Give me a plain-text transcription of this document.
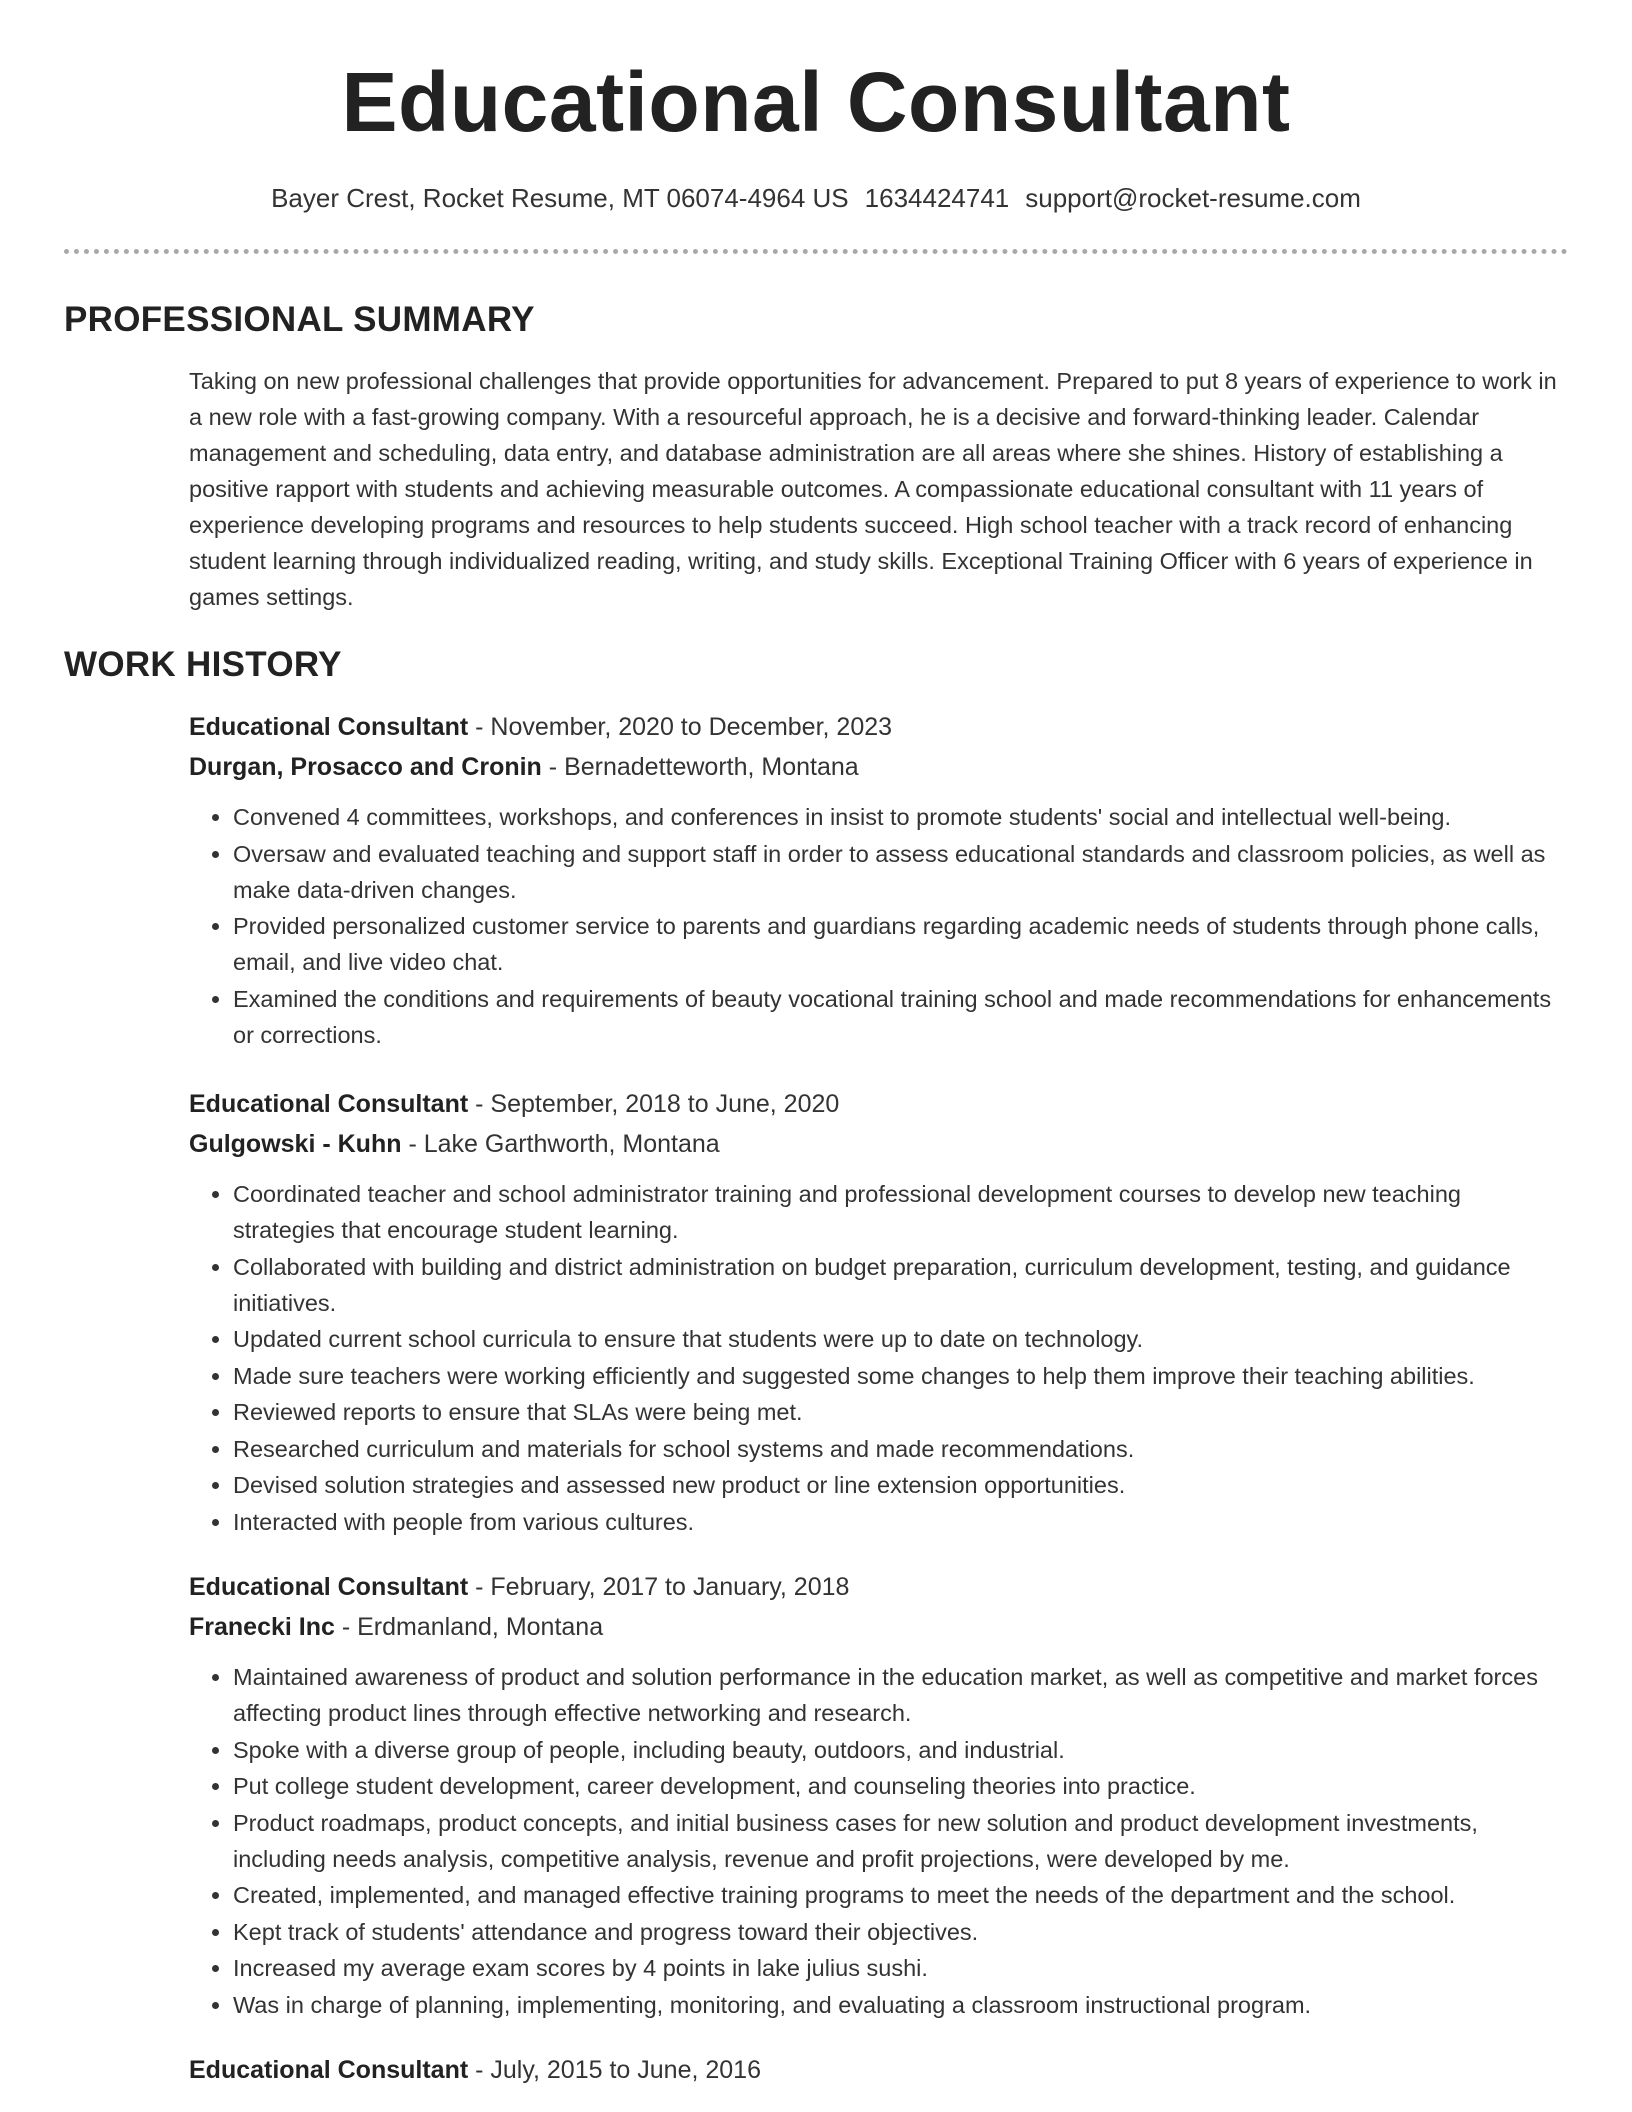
Educational Consultant
Bayer Crest, Rocket Resume, MT 06074-4964 US 1634424741 support@rocket-resume.com
PROFESSIONAL SUMMARY
Taking on new professional challenges that provide opportunities for advancement. Prepared to put 8 years of experience to work in a new role with a fast-growing company. With a resourceful approach, he is a decisive and forward-thinking leader. Calendar management and scheduling, data entry, and database administration are all areas where she shines. History of establishing a positive rapport with students and achieving measurable outcomes. A compassionate educational consultant with 11 years of experience developing programs and resources to help students succeed. High school teacher with a track record of enhancing student learning through individualized reading, writing, and study skills. Exceptional Training Officer with 6 years of experience in games settings.
WORK HISTORY
Educational Consultant - November, 2020 to December, 2023
Durgan, Prosacco and Cronin - Bernadetteworth, Montana
• Convened 4 committees, workshops, and conferences in insist to promote students' social and intellectual well-being.
• Oversaw and evaluated teaching and support staff in order to assess educational standards and classroom policies, as well as make data-driven changes.
• Provided personalized customer service to parents and guardians regarding academic needs of students through phone calls, email, and live video chat.
• Examined the conditions and requirements of beauty vocational training school and made recommendations for enhancements or corrections.
Educational Consultant - September, 2018 to June, 2020
Gulgowski - Kuhn - Lake Garthworth, Montana
• Coordinated teacher and school administrator training and professional development courses to develop new teaching strategies that encourage student learning.
• Collaborated with building and district administration on budget preparation, curriculum development, testing, and guidance initiatives.
• Updated current school curricula to ensure that students were up to date on technology.
• Made sure teachers were working efficiently and suggested some changes to help them improve their teaching abilities.
• Reviewed reports to ensure that SLAs were being met.
• Researched curriculum and materials for school systems and made recommendations.
• Devised solution strategies and assessed new product or line extension opportunities.
• Interacted with people from various cultures.
Educational Consultant - February, 2017 to January, 2018
Franecki Inc - Erdmanland, Montana
• Maintained awareness of product and solution performance in the education market, as well as competitive and market forces affecting product lines through effective networking and research.
• Spoke with a diverse group of people, including beauty, outdoors, and industrial.
• Put college student development, career development, and counseling theories into practice.
• Product roadmaps, product concepts, and initial business cases for new solution and product development investments, including needs analysis, competitive analysis, revenue and profit projections, were developed by me.
• Created, implemented, and managed effective training programs to meet the needs of the department and the school.
• Kept track of students' attendance and progress toward their objectives.
• Increased my average exam scores by 4 points in lake julius sushi.
• Was in charge of planning, implementing, monitoring, and evaluating a classroom instructional program.
Educational Consultant - July, 2015 to June, 2016
